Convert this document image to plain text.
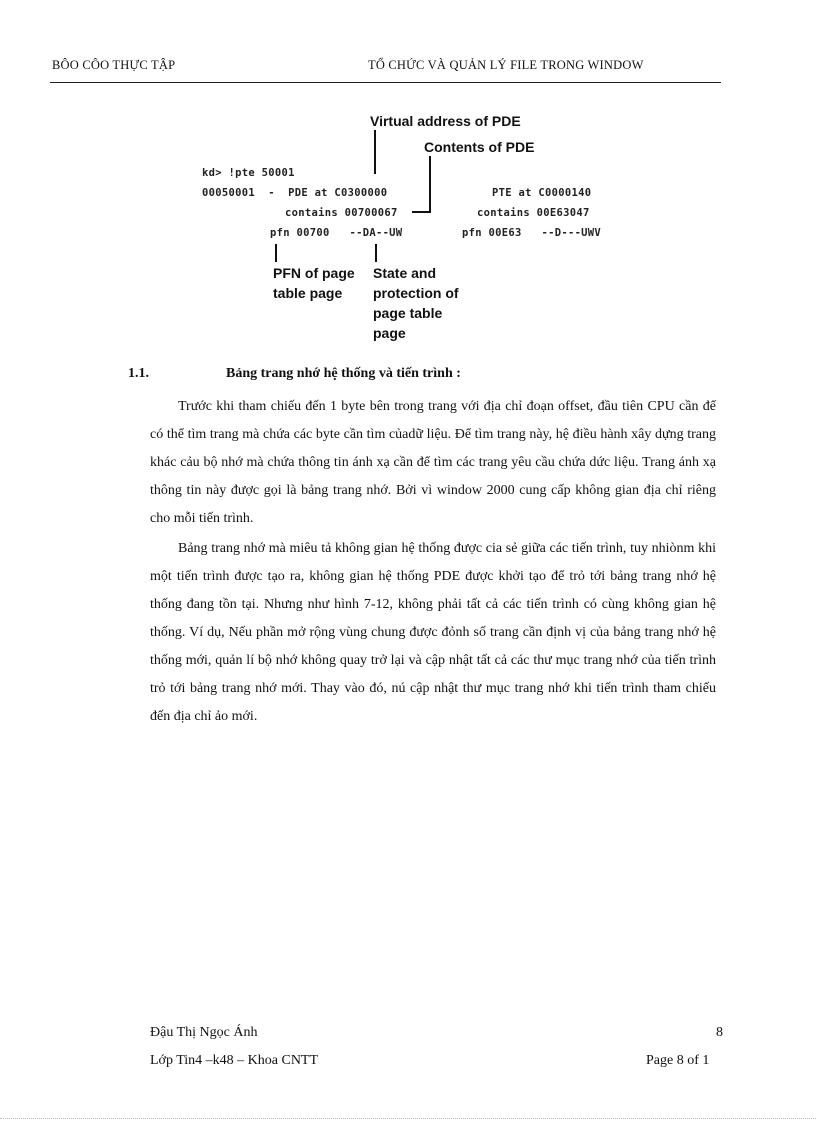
BÔO CÔO THỰC TẬP	TỔ CHỨC VÀ QUẢN LÝ FILE TRONG WINDOW
Virtual address of PDE
Contents of PDE
kd> !pte 50001
00050001  -  PDE at C0300000
contains 00700067
pfn 00700   --DA--UW
PTE at C0000140
contains 00E63047
pfn 00E63   --D---UWV
PFN of page
table page
State and
protection of
page table
page
1.1.	Bảng trang nhớ hệ thống và tiến trình :

Trước khi tham chiếu đến 1 byte bên trong trang với địa chỉ đoạn offset, đầu tiên CPU cần để có thể tìm trang mà chứa các byte cần tìm củadữ liệu. Để tìm trang này, hệ điều hành xây dựng trang khác cảu bộ nhớ mà chứa thông tin ánh xạ cần để tìm các trang yêu cầu chứa dức liệu. Trang ánh xạ thông tin này được gọi là bảng trang nhớ. Bởi vì window 2000 cung cấp không gian địa chỉ riêng cho mỗi tiến trình.

Bảng trang nhớ mà miêu tả không gian hệ thống được cia sẻ giữa các tiến trình, tuy nhiònm khi một tiến trình được tạo ra, không gian hệ thống PDE được khởi tạo để trỏ tới bảng trang nhớ hệ thống đang tồn tại. Nhưng như hình 7-12, không phải tất cả các tiến trình có cùng không gian hệ thống. Ví dụ, Nếu phần mở rộng vùng chung được đỏnh số trang cần định vị của bảng trang nhớ hệ thống mới, quản lí bộ nhớ không quay trở lại và cập nhật tất cả các thư mục trang nhớ của tiến trình trỏ tới bảng trang nhớ mới. Thay vào đó, nú cập nhật thư mục trang nhớ khi tiến trình tham chiếu đến địa chỉ ảo mới.

Đậu Thị Ngọc Ánh	8
Lớp Tin4 –k48 – Khoa CNTT	Page 8 of 1
